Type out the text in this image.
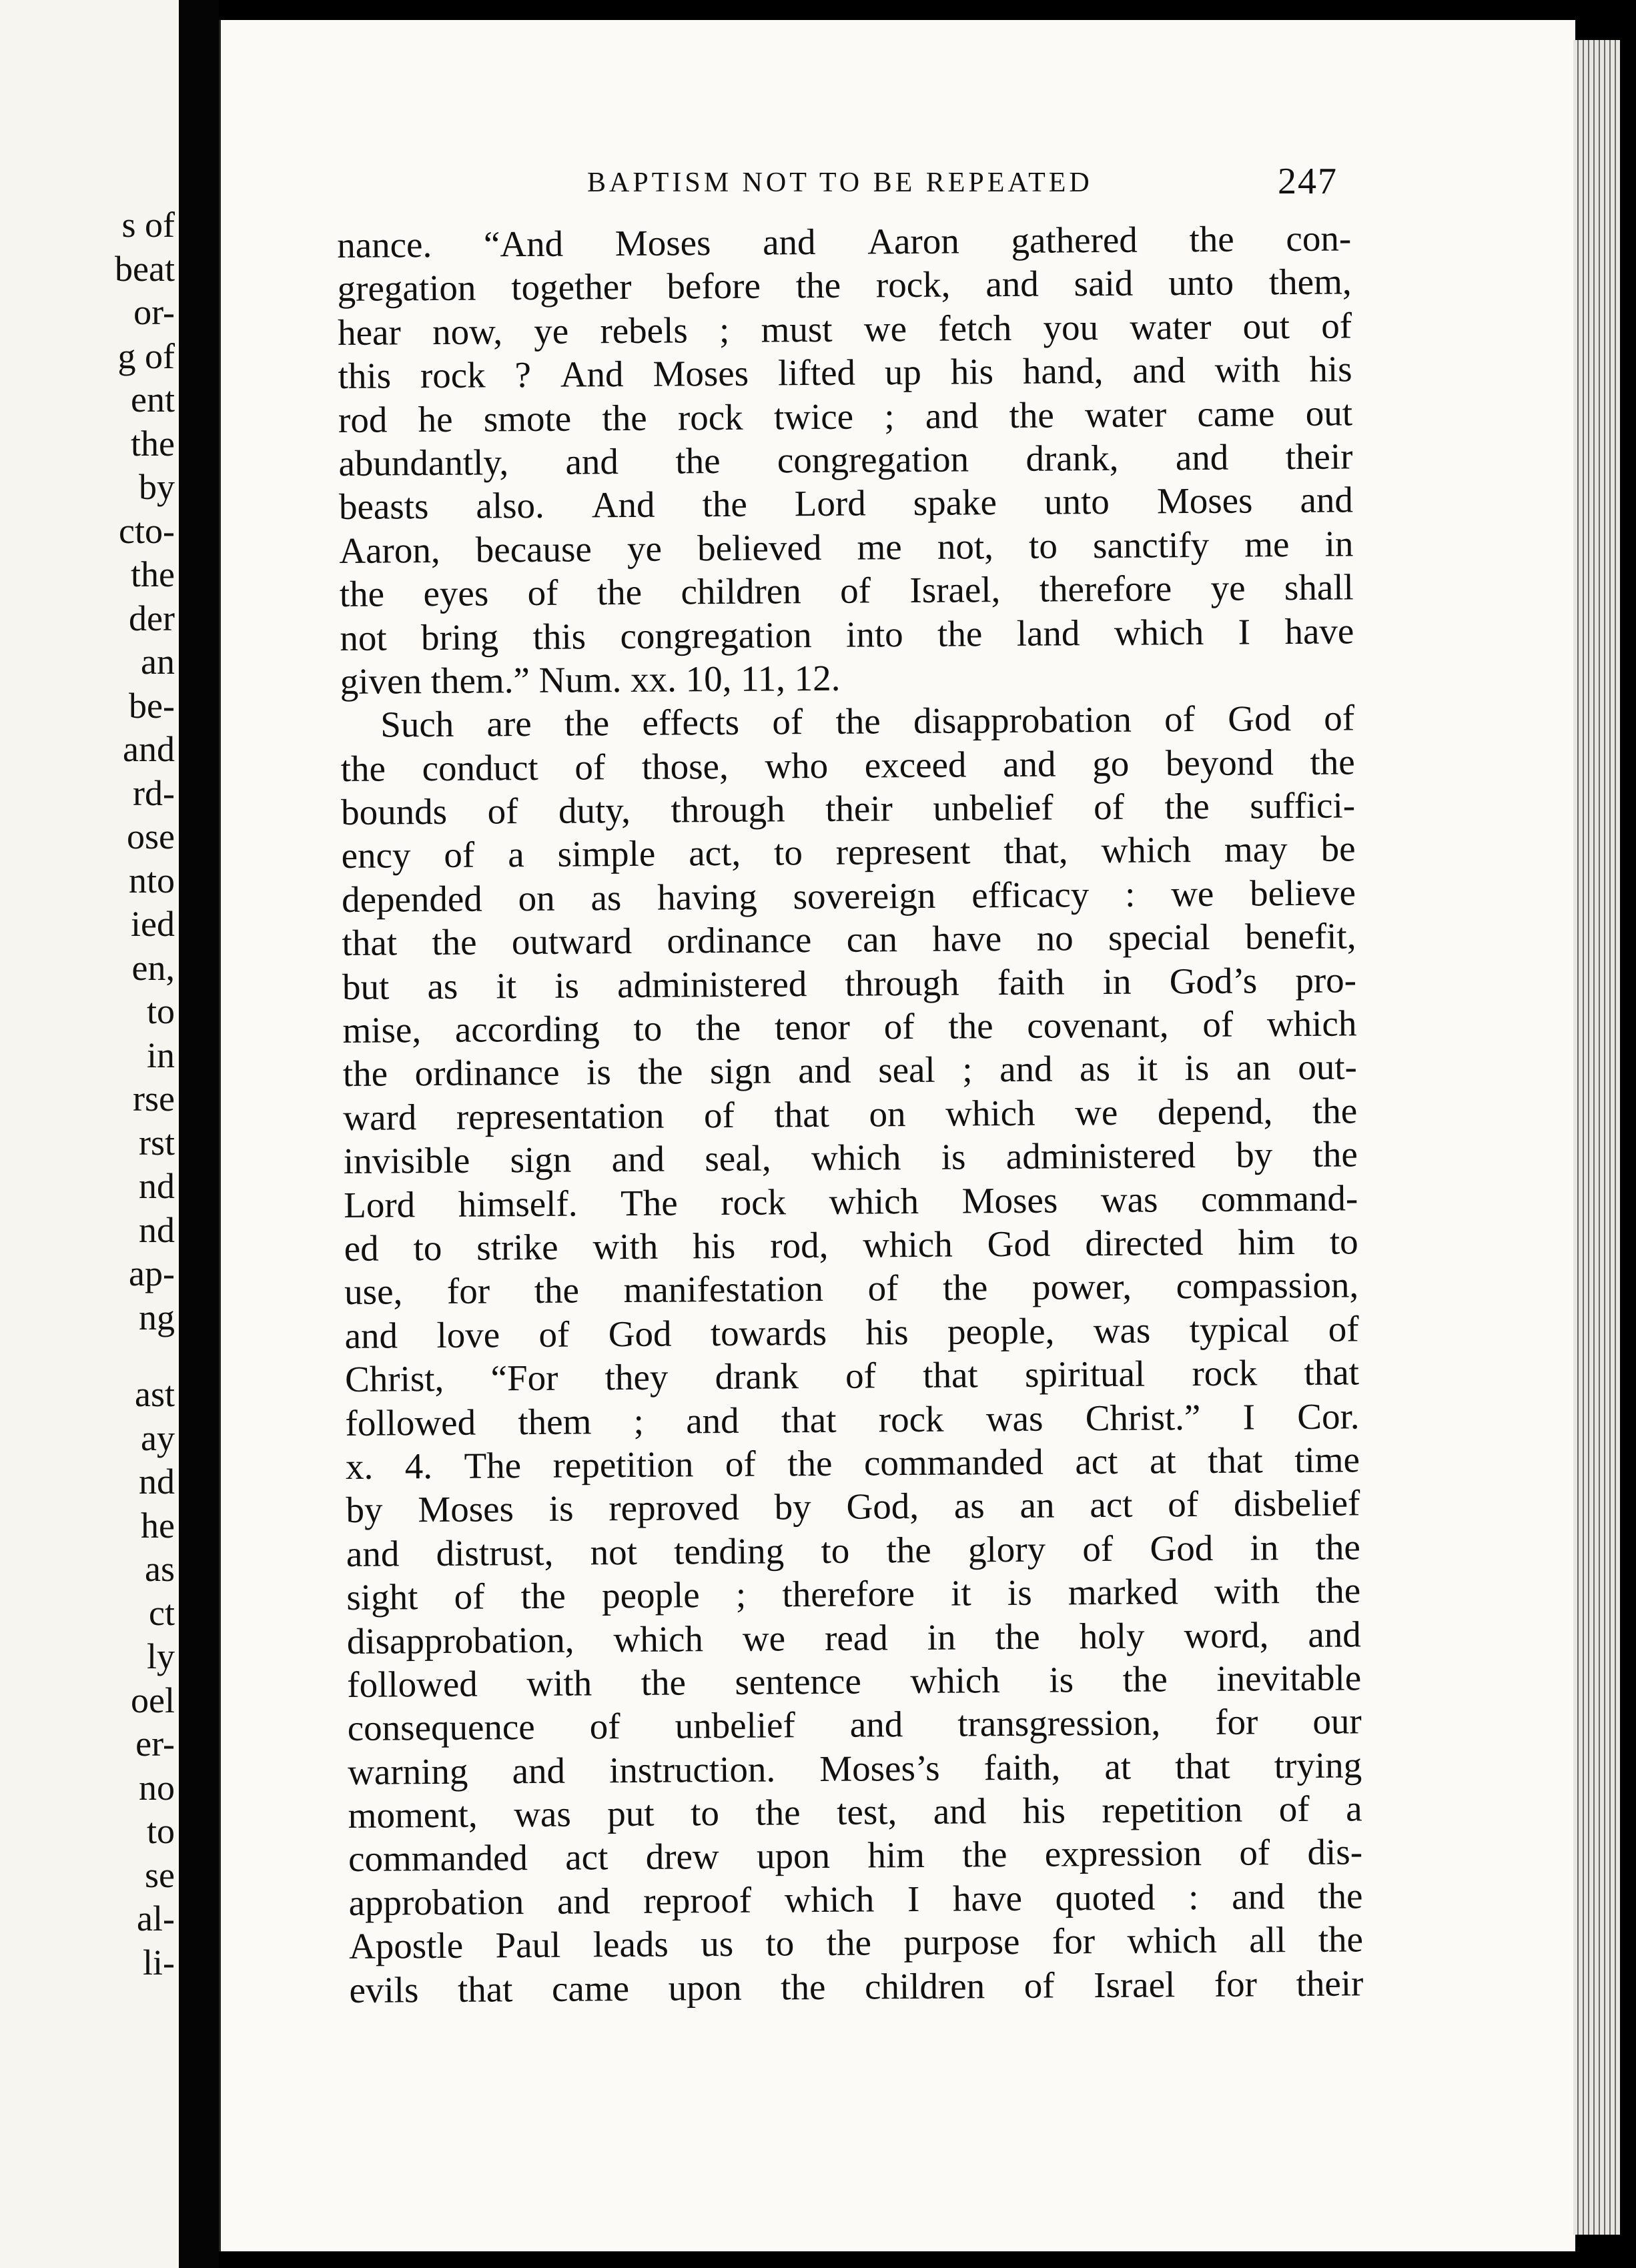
s of
beat
or-
g of
ent
the
by
cto-
the
der
an
be-
and
rd-
ose
nto
ied
en,
to
in
rse
rst
nd
nd
ap-
ng
ast
ay
nd
he
as
ct
ly
oel
er-
no
to
se
al-
li-
BAPTISM NOT TO BE REPEATED	247
nance. “And Moses and Aaron gathered the con-
gregation together before the rock, and said unto them,
hear now, ye rebels ; must we fetch you water out of
this rock ? And Moses lifted up his hand, and with his
rod he smote the rock twice ; and the water came out
abundantly, and the congregation drank, and their
beasts also. And the Lord spake unto Moses and
Aaron, because ye believed me not, to sanctify me in
the eyes of the children of Israel, therefore ye shall
not bring this congregation into the land which I have
given them.” Num. xx. 10, 11, 12.
Such are the effects of the disapprobation of God of
the conduct of those, who exceed and go beyond the
bounds of duty, through their unbelief of the suffici-
ency of a simple act, to represent that, which may be
depended on as having sovereign efficacy : we believe
that the outward ordinance can have no special benefit,
but as it is administered through faith in God’s pro-
mise, according to the tenor of the covenant, of which
the ordinance is the sign and seal ; and as it is an out-
ward representation of that on which we depend, the
invisible sign and seal, which is administered by the
Lord himself. The rock which Moses was command-
ed to strike with his rod, which God directed him to
use, for the manifestation of the power, compassion,
and love of God towards his people, was typical of
Christ, “For they drank of that spiritual rock that
followed them ; and that rock was Christ.” I Cor.
x. 4. The repetition of the commanded act at that time
by Moses is reproved by God, as an act of disbelief
and distrust, not tending to the glory of God in the
sight of the people ; therefore it is marked with the
disapprobation, which we read in the holy word, and
followed with the sentence which is the inevitable
consequence of unbelief and transgression, for our
warning and instruction. Moses’s faith, at that trying
moment, was put to the test, and his repetition of a
commanded act drew upon him the expression of dis-
approbation and reproof which I have quoted : and the
Apostle Paul leads us to the purpose for which all the
evils that came upon the children of Israel for their
